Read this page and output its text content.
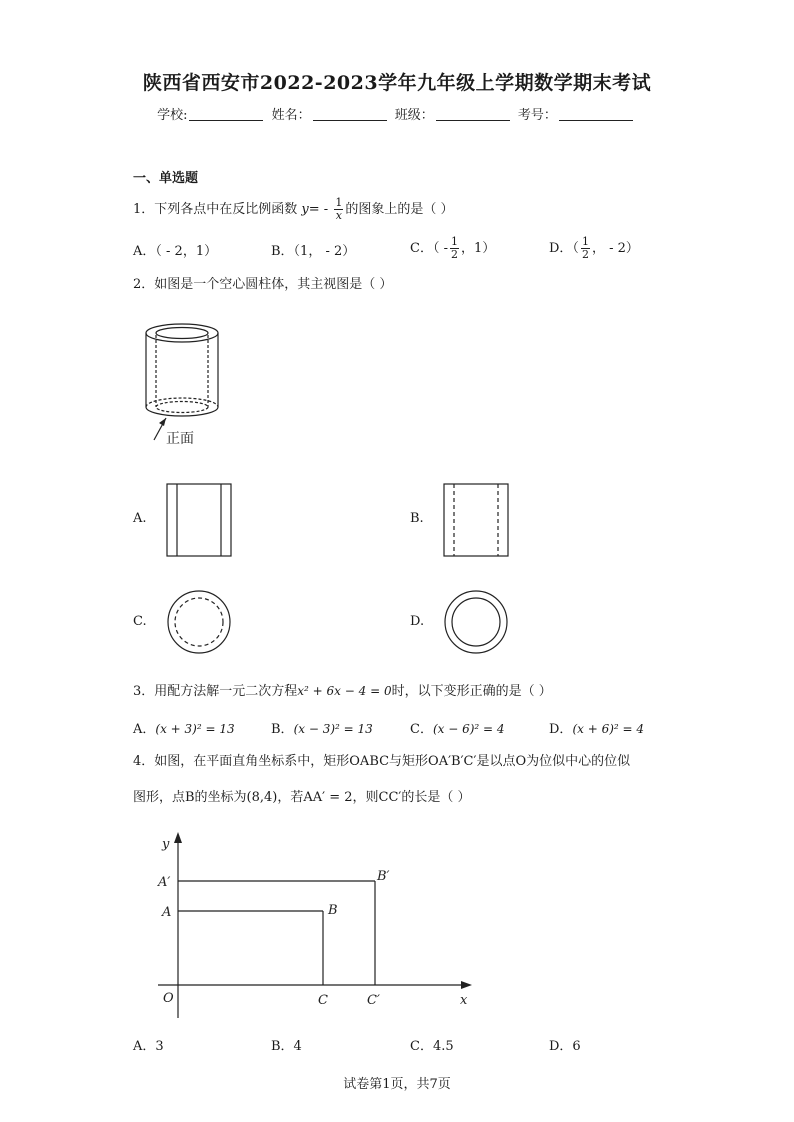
陕西省西安市2022-2023学年九年级上学期数学期末考试
学校:	姓名：	班级：	考号：
一、单选题
1．下列各点中在反比例函数 $y= - \frac{1}{x}$ 的图象上的是（ ）
A．（ - 2，1）	B．（1， - 2）	C．（ - $\frac{1}{2}$ ，1）	D．（ $\frac{1}{2}$ ， - 2）
2．如图是一个空心圆柱体，其主视图是（ ）
正面
A.	B.
C.	D.
3．用配方法解一元二次方程x² + 6x − 4 = 0时，以下变形正确的是（ ）
A．(x + 3)² = 13	B．(x − 3)² = 13	C．(x − 6)² = 4	D．(x + 6)² = 4
4．如图，在平面直角坐标系中，矩形OABC与矩形OA′B′C′是以点O为位似中心的位似
图形，点B的坐标为(8,4)，若AA′ = 2，则CC′的长是（ ）
y
x
O
A′
A	B
B′
C	C′
A．3	B．4	C．4.5	D．6
试卷第1页，共7页
